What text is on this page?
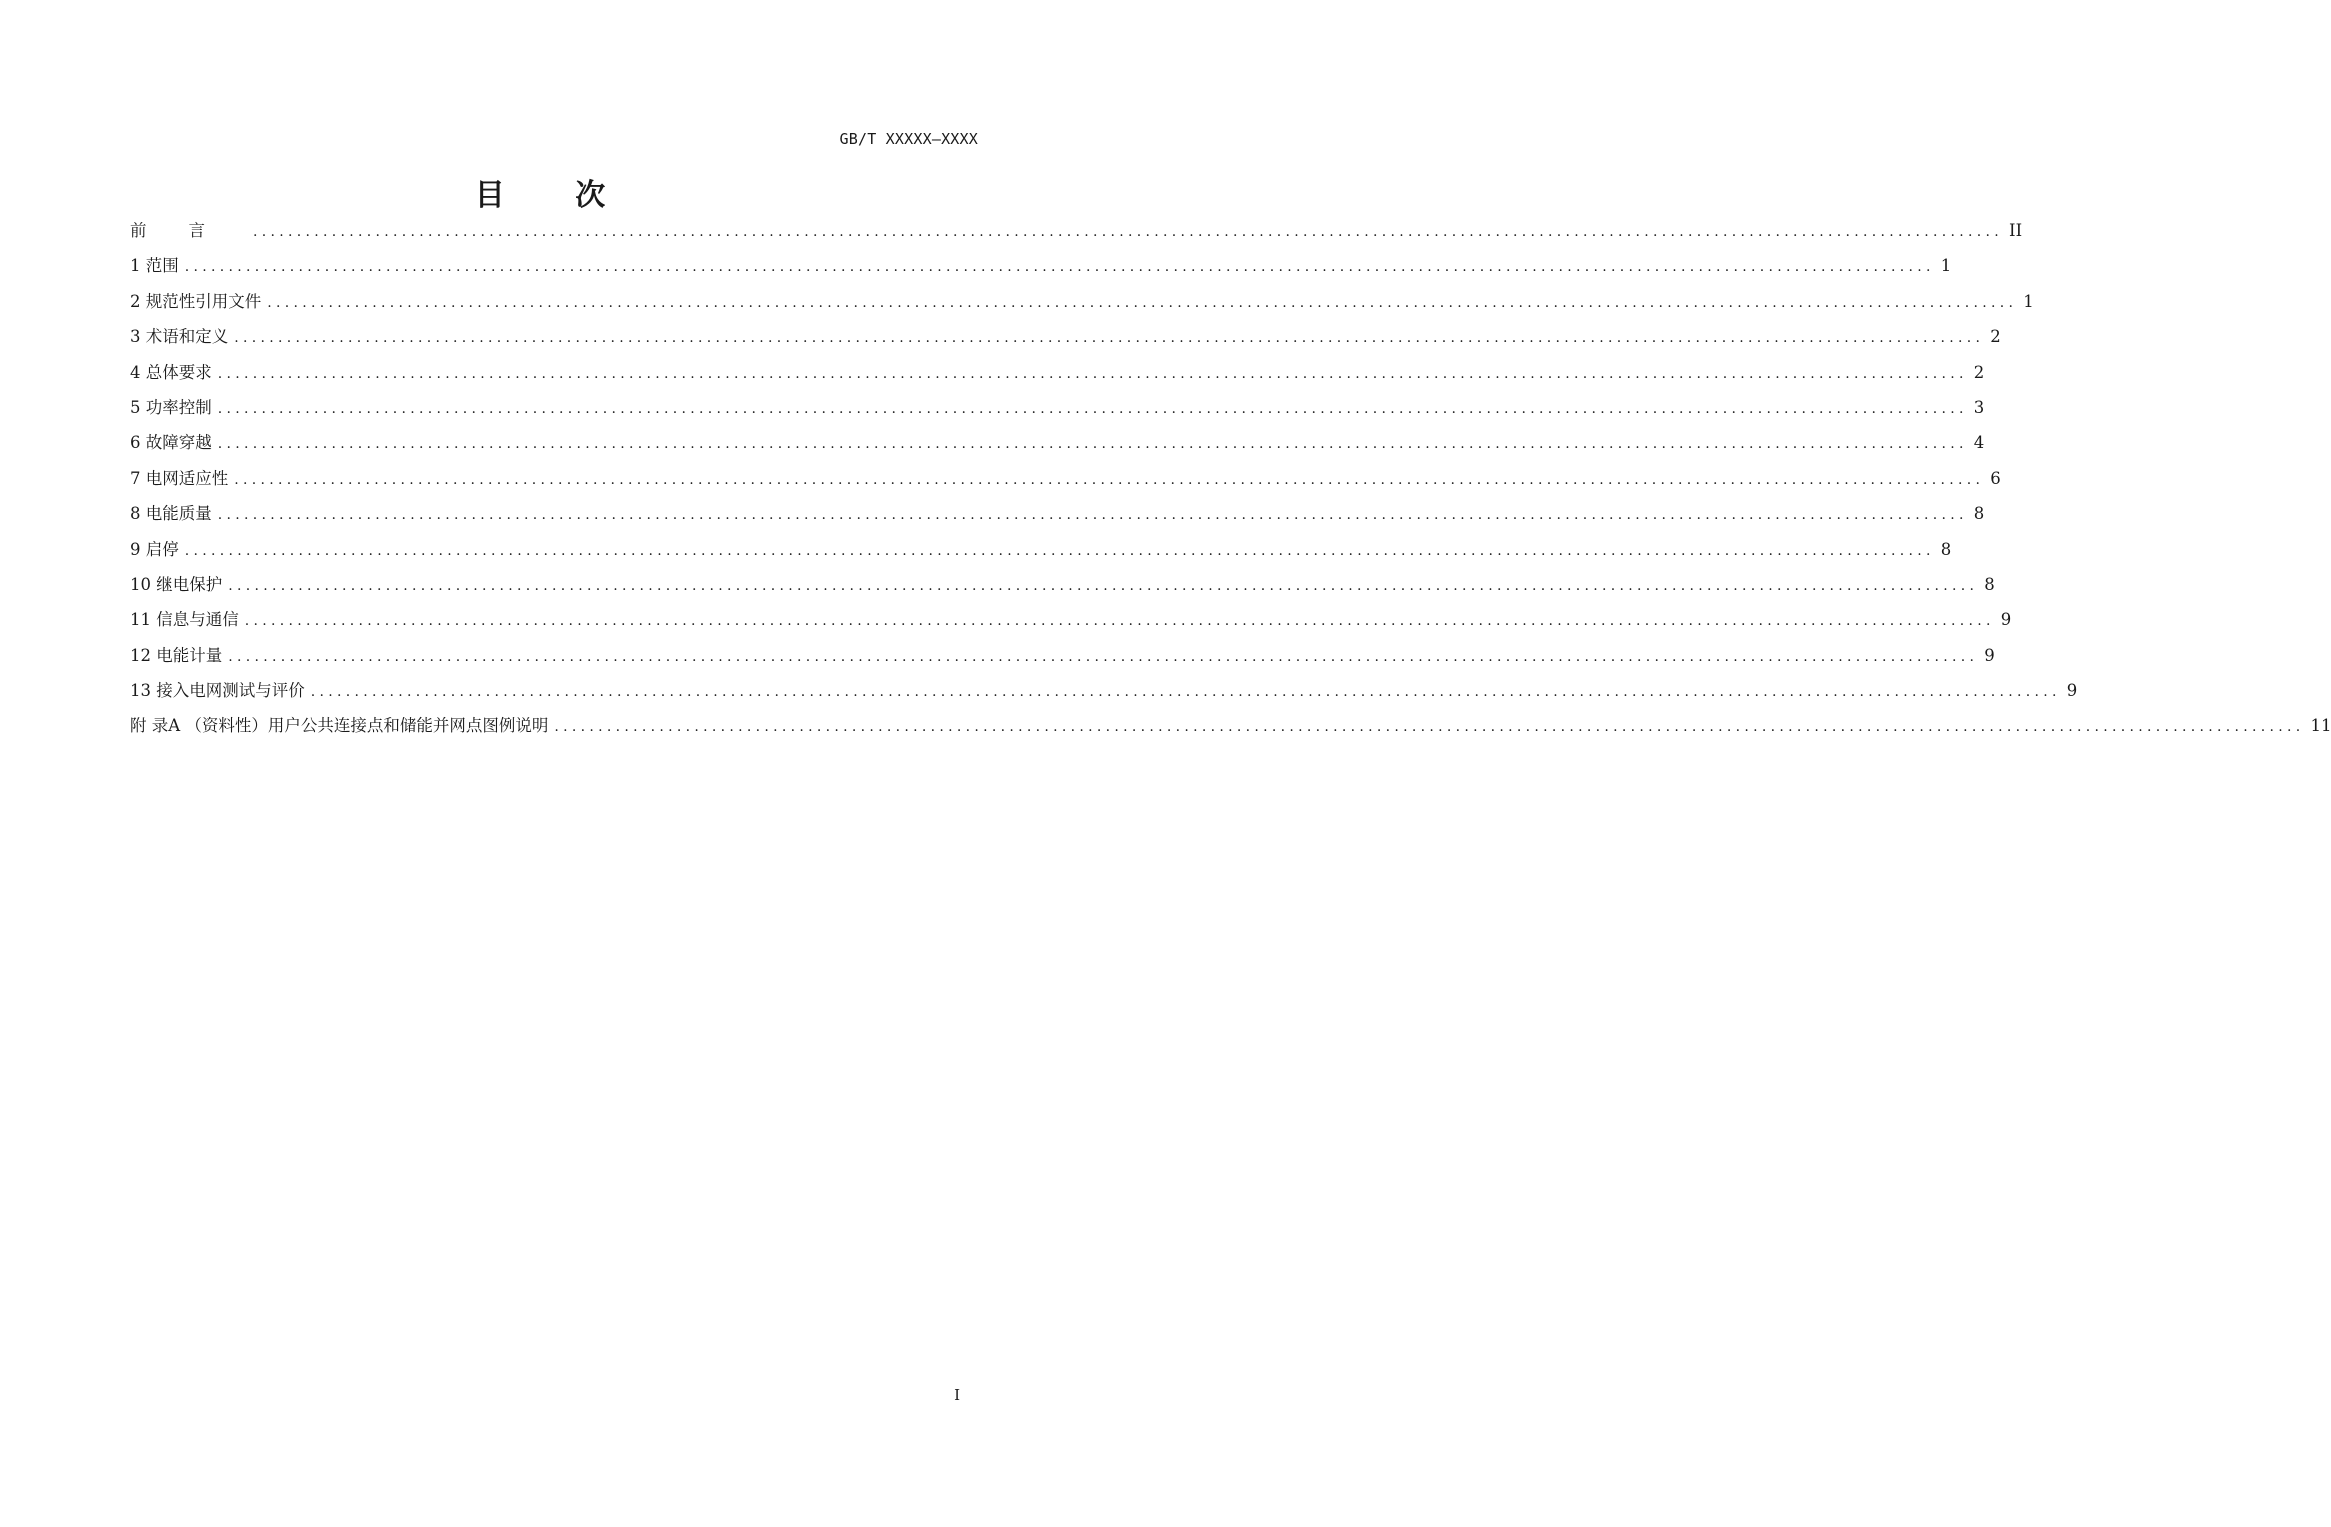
GB/T XXXXX—XXXX
目 次
前言 ........................................................................................................................................................................................................ II
1 范围 ........................................................................................................................................................................................................ 1
2 规范性引用文件 ........................................................................................................................................................................................................ 1
3 术语和定义 ........................................................................................................................................................................................................ 2
4 总体要求 ........................................................................................................................................................................................................ 2
5 功率控制 ........................................................................................................................................................................................................ 3
6 故障穿越 ........................................................................................................................................................................................................ 4
7 电网适应性 ........................................................................................................................................................................................................ 6
8 电能质量 ........................................................................................................................................................................................................ 8
9 启停 ........................................................................................................................................................................................................ 8
10 继电保护 ........................................................................................................................................................................................................ 8
11 信息与通信 ........................................................................................................................................................................................................ 9
12 电能计量 ........................................................................................................................................................................................................ 9
13 接入电网测试与评价 ........................................................................................................................................................................................................ 9
附 录A （资料性）用户公共连接点和储能并网点图例说明 ........................................................................................................................................................................................................ 11
I
